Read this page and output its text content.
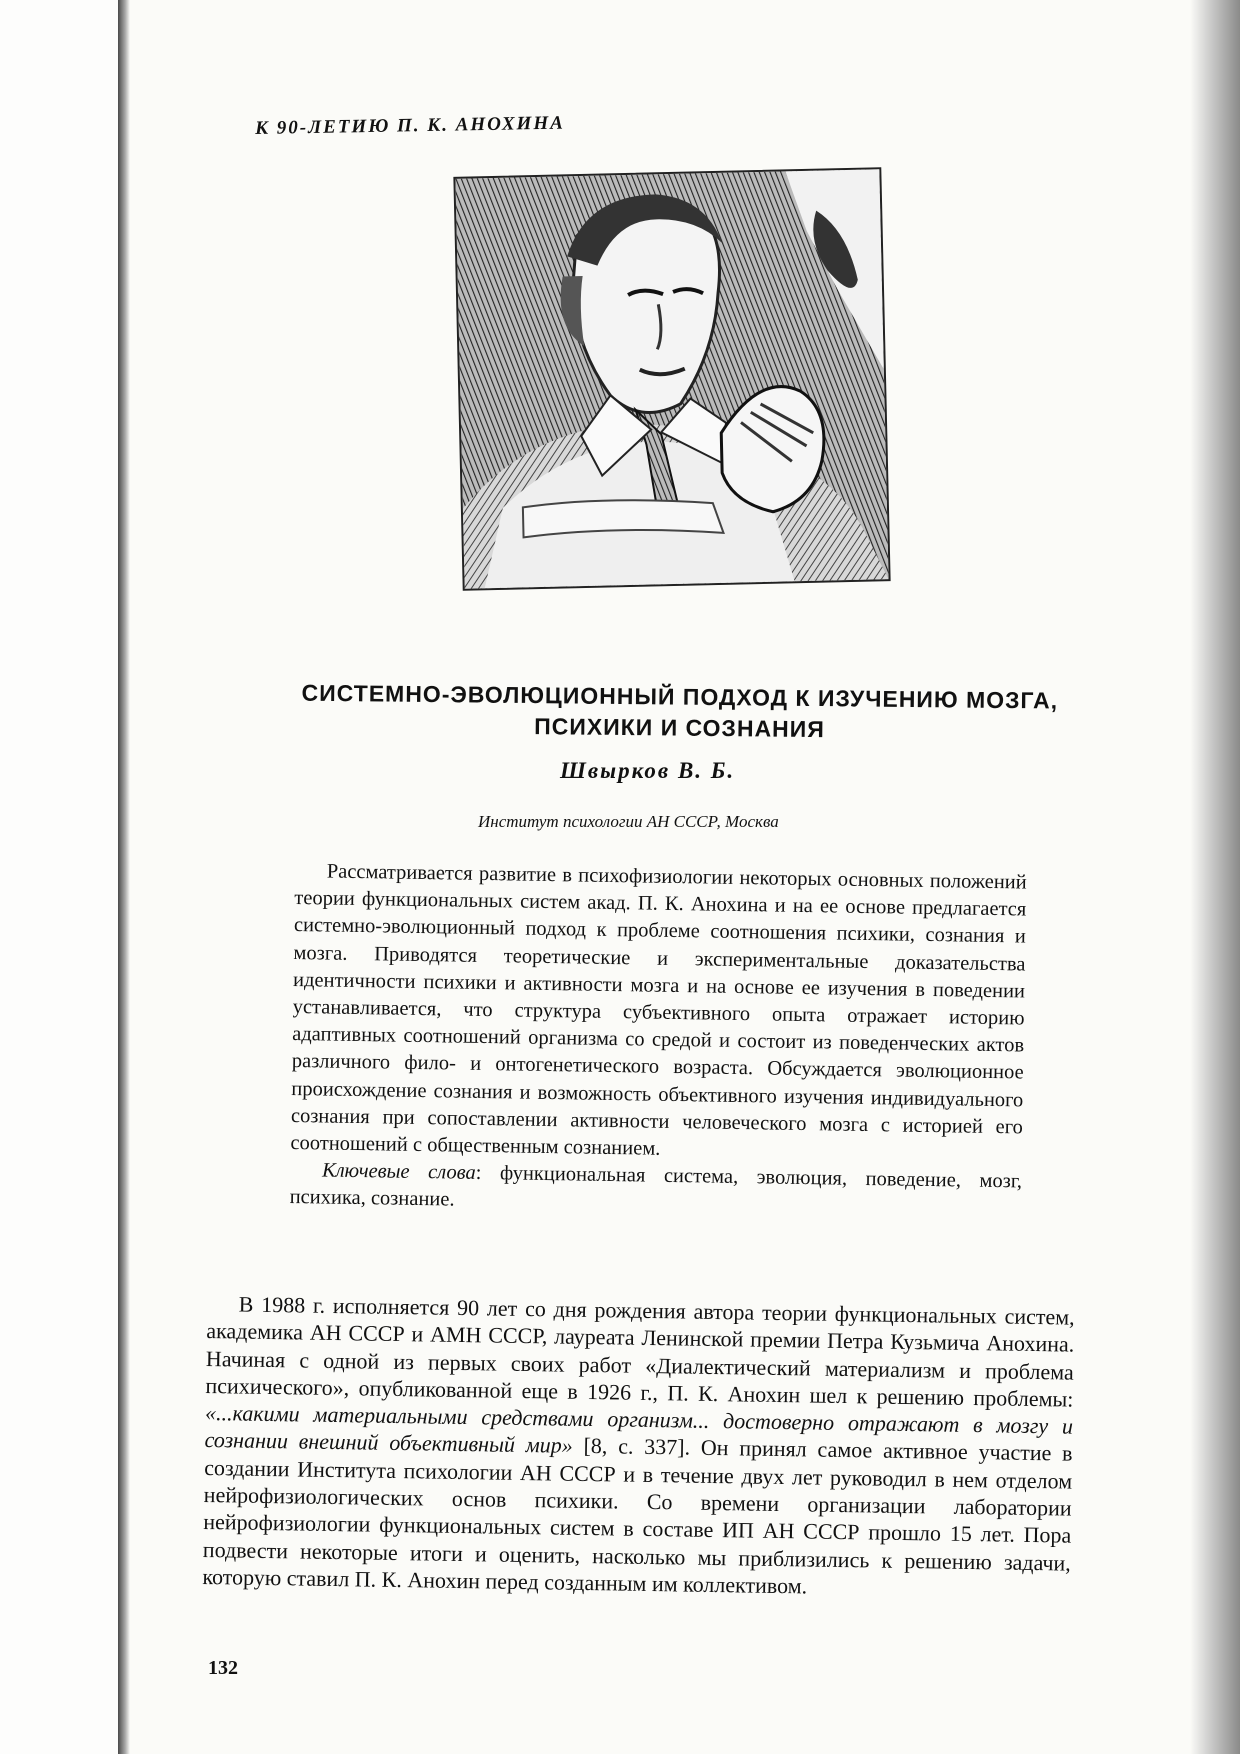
К 90-ЛЕТИЮ П. К. АНОХИНА
СИСТЕМНО-ЭВОЛЮЦИОННЫЙ ПОДХОД К ИЗУЧЕНИЮ МОЗГА,
ПСИХИКИ И СОЗНАНИЯ
Швырков В. Б.
Институт психологии АН СССР, Москва

Рассматривается развитие в психофизиологии некоторых основных положений теории функциональных систем акад. П. К. Анохина и на ее основе предлагается системно-эволюционный подход к проблеме соотношения психики, сознания и мозга. Приводятся теоретические и экспериментальные доказательства идентичности психики и активности мозга и на основе ее изучения в поведении устанавливается, что структура субъективного опыта отражает историю адаптивных соотношений организма со средой и состоит из поведенческих актов различного фило- и онтогенетического возраста. Обсуждается эволюционное происхождение сознания и возможность объективного изучения индивидуального сознания при сопоставлении активности человеческого мозга с историей его соотношений с общественным сознанием.

Ключевые слова: функциональная система, эволюция, поведение, мозг, психика, сознание.

В 1988 г. исполняется 90 лет со дня рождения автора теории функциональных систем, академика АН СССР и АМН СССР, лауреата Ленинской премии Петра Кузьмича Анохина. Начиная с одной из первых своих работ «Диалектический материализм и проблема психического», опубликованной еще в 1926 г., П. К. Анохин шел к решению проблемы: «...какими материальными средствами организм... достоверно отражают в мозгу и сознании внешний объективный мир» [8, с. 337]. Он принял самое активное участие в создании Института психологии АН СССР и в течение двух лет руководил в нем отделом нейрофизиологических основ психики. Со времени организации лаборатории нейрофизиологии функциональных систем в составе ИП АН СССР прошло 15 лет. Пора подвести некоторые итоги и оценить, насколько мы приблизились к решению задачи, которую ставил П. К. Анохин перед созданным им коллективом.

132
